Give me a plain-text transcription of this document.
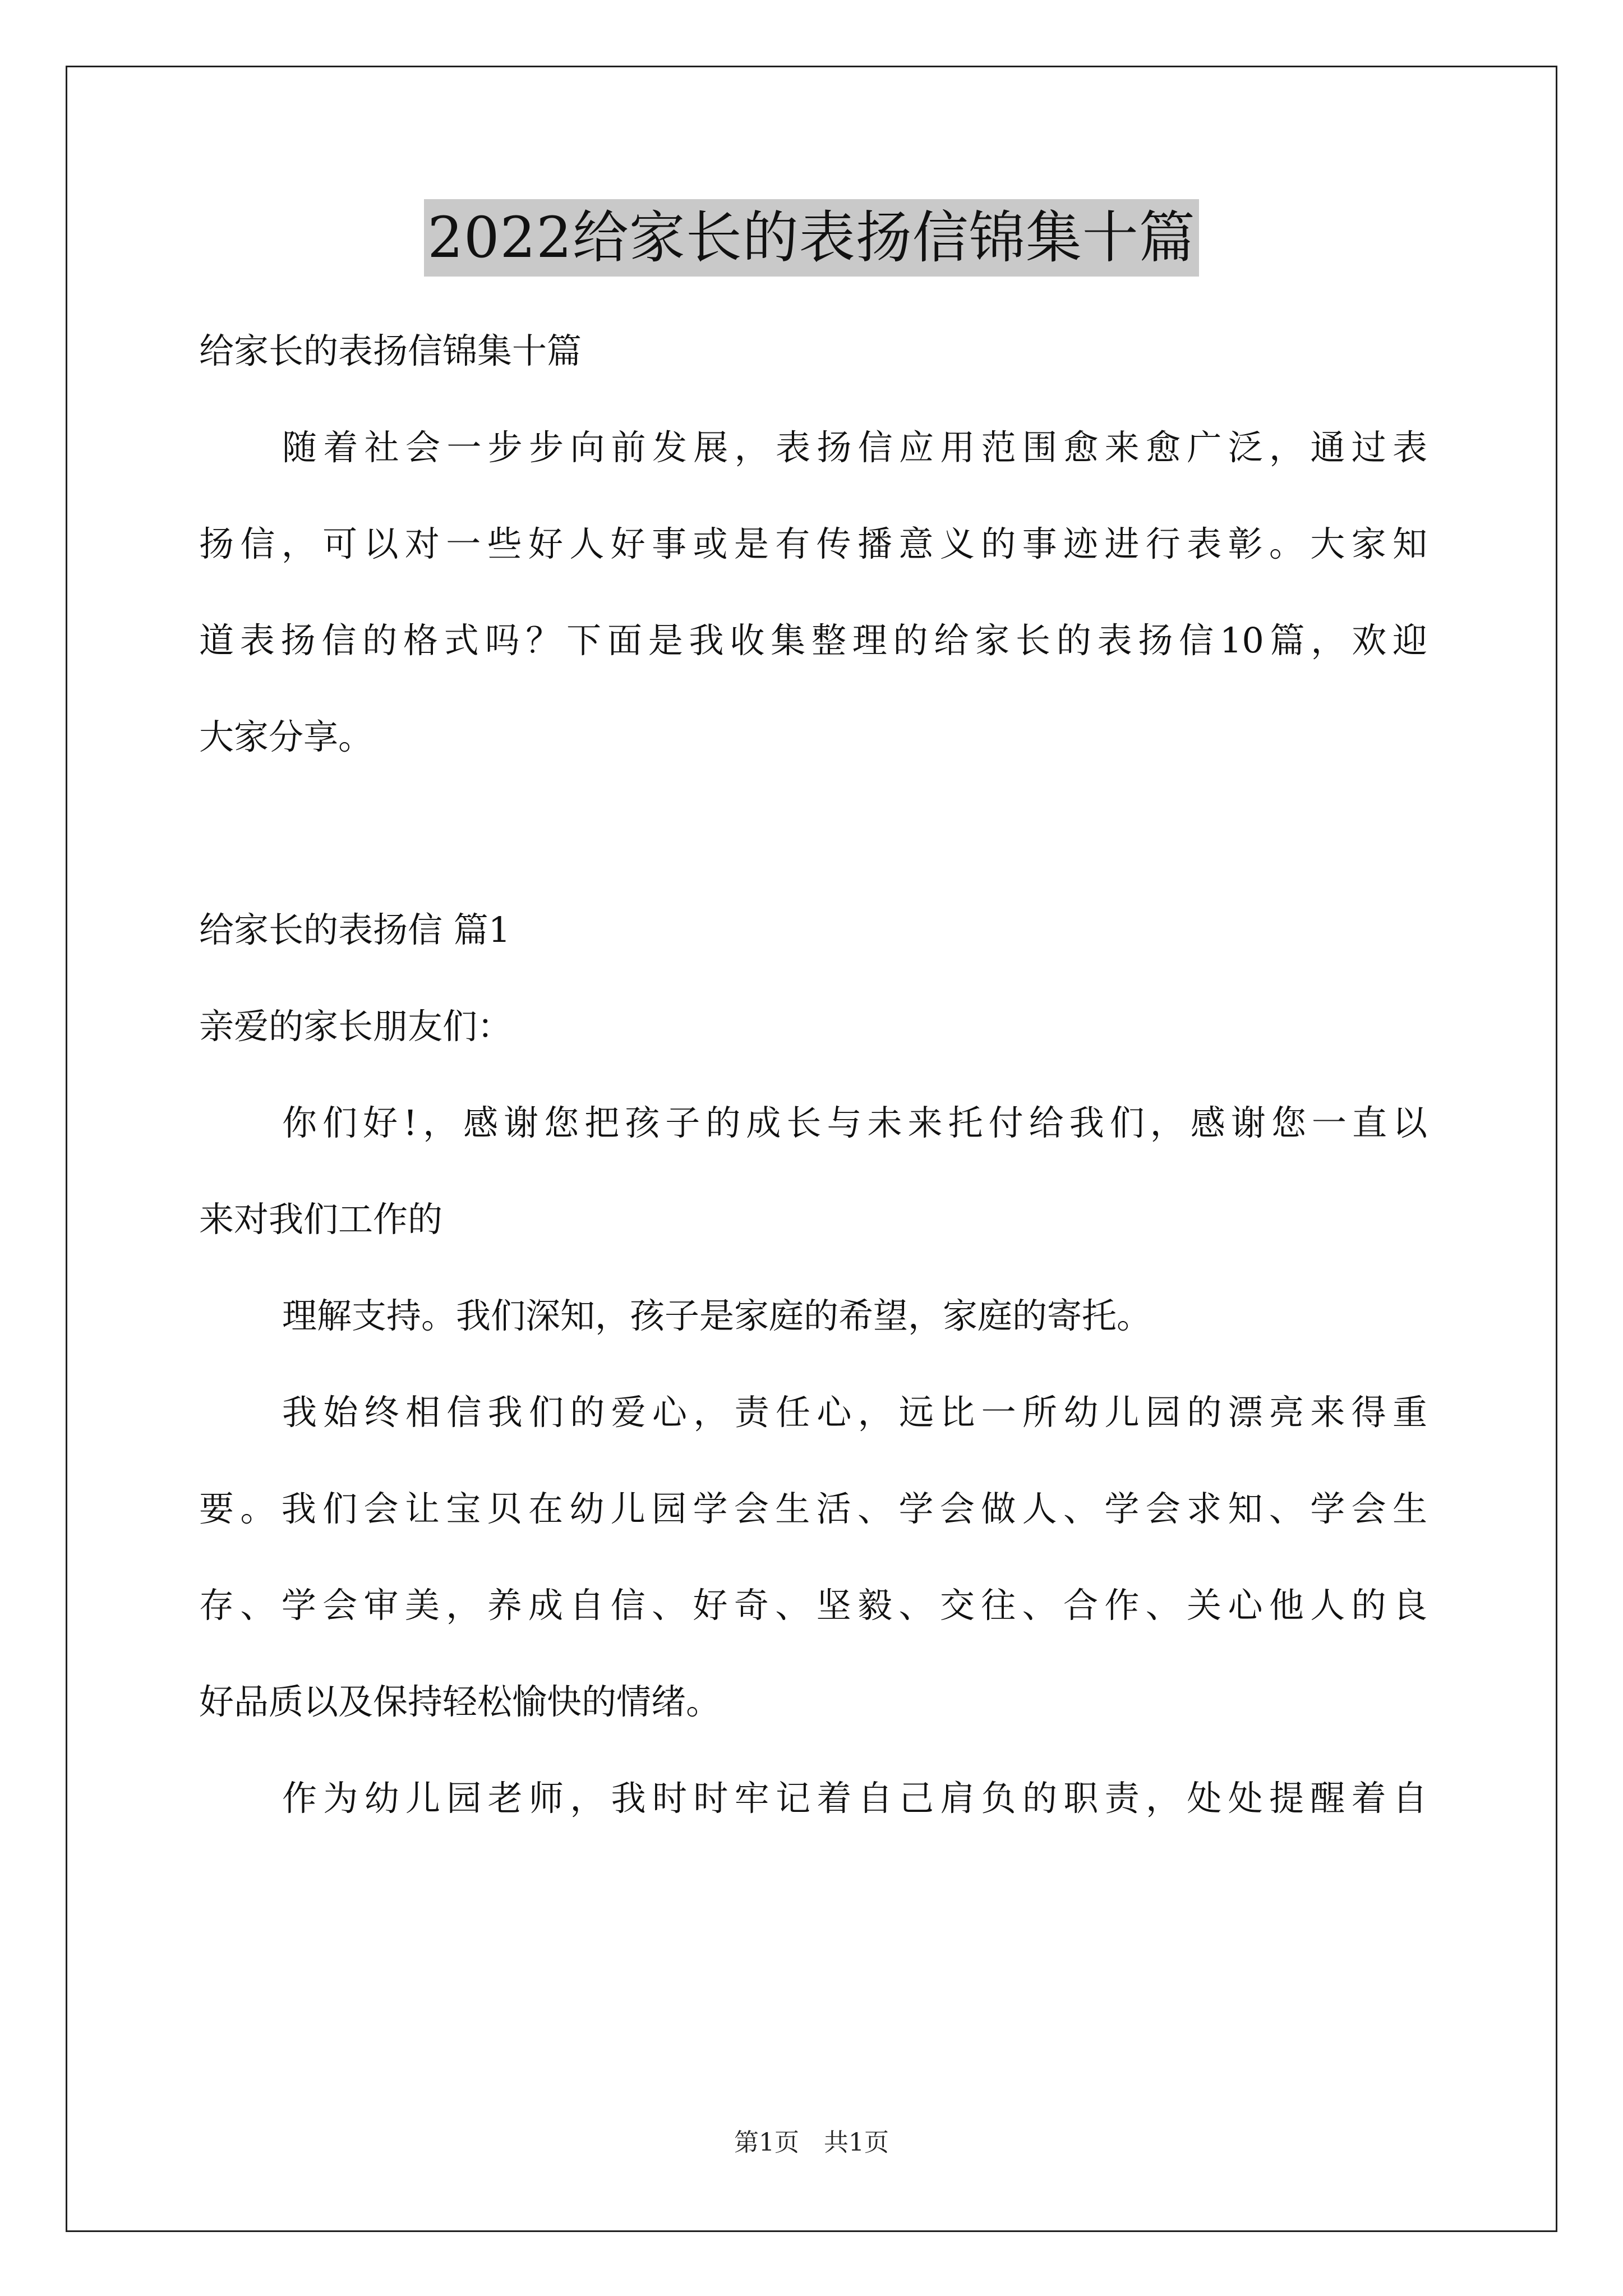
2022给家长的表扬信锦集十篇
给家长的表扬信锦集十篇
随着社会一步步向前发展，表扬信应用范围愈来愈广泛，通过表
扬信，可以对一些好人好事或是有传播意义的事迹进行表彰。大家知
道表扬信的格式吗？下面是我收集整理的给家长的表扬信10篇，欢迎
大家分享。
给家长的表扬信 篇1
亲爱的家长朋友们：
你们好!，感谢您把孩子的成长与未来托付给我们，感谢您一直以
来对我们工作的
理解支持。我们深知，孩子是家庭的希望，家庭的寄托。
我始终相信我们的爱心，责任心，远比一所幼儿园的漂亮来得重
要。我们会让宝贝在幼儿园学会生活、学会做人、学会求知、学会生
存、学会审美，养成自信、好奇、坚毅、交往、合作、关心他人的良
好品质以及保持轻松愉快的情绪。
作为幼儿园老师，我时时牢记着自己肩负的职责，处处提醒着自
第1页　共1页
